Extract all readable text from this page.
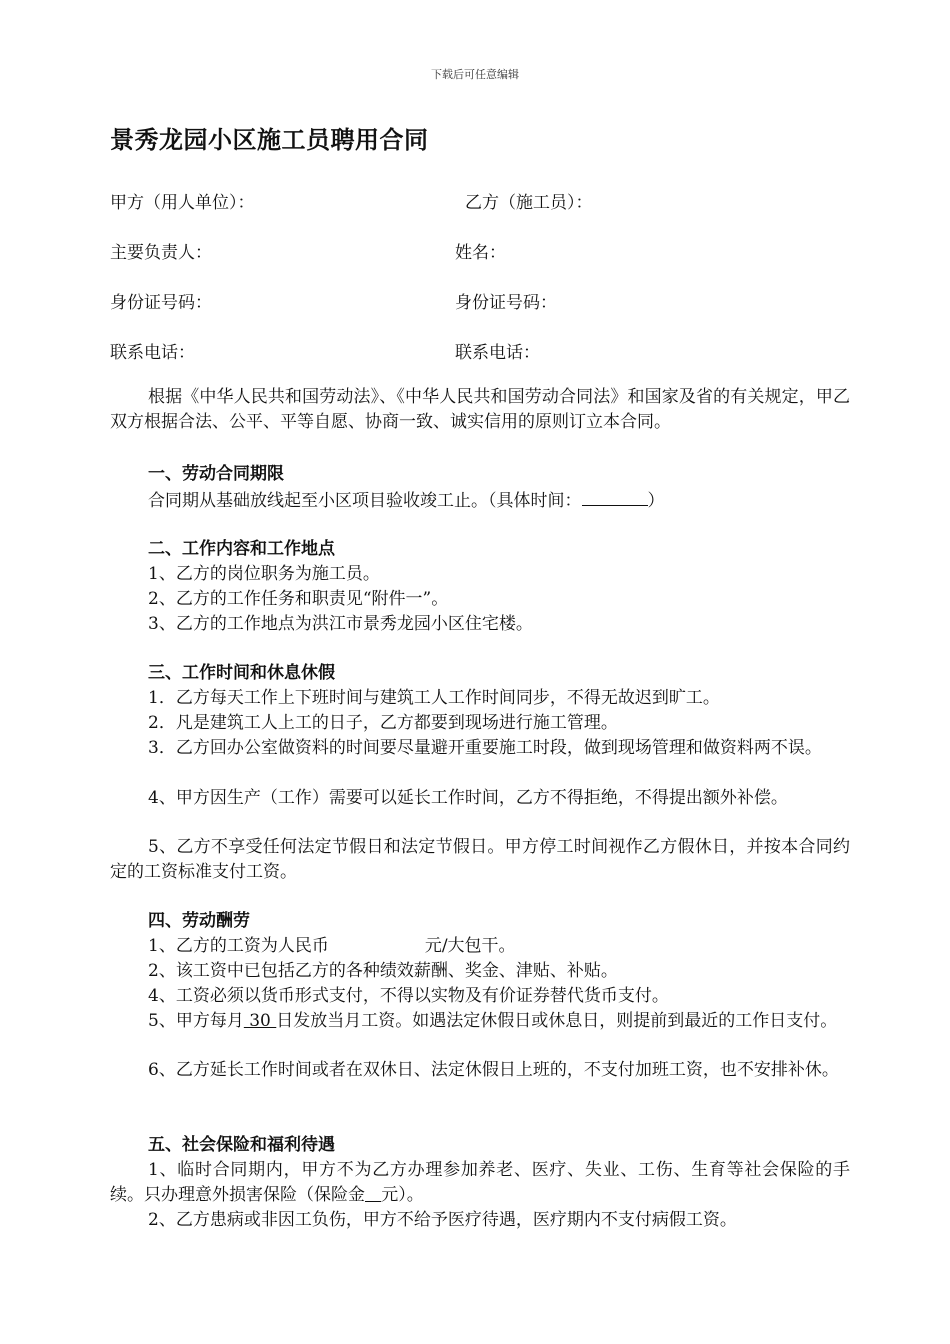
下载后可任意编辑
景秀龙园小区施工员聘用合同
甲方（用人单位）：	乙方（施工员）：
主要负责人：	姓名：
身份证号码：	身份证号码：
联系电话：	联系电话：
根据《中华人民共和国劳动法》、《中华人民共和国劳动合同法》和国家及省的有关规定，甲乙双方根据合法、公平、平等自愿、协商一致、诚实信用的原则订立本合同。
一、劳动合同期限
合同期从基础放线起至小区项目验收竣工止。（具体时间：	）
二、工作内容和工作地点
1、乙方的岗位职务为施工员。
2、乙方的工作任务和职责见“附件一”。
3、乙方的工作地点为洪江市景秀龙园小区住宅楼。
三、工作时间和休息休假
1．乙方每天工作上下班时间与建筑工人工作时间同步，不得无故迟到旷工。
2．凡是建筑工人上工的日子，乙方都要到现场进行施工管理。
3．乙方回办公室做资料的时间要尽量避开重要施工时段，做到现场管理和做资料两不误。
4、甲方因生产（工作）需要可以延长工作时间，乙方不得拒绝，不得提出额外补偿。
5、乙方不享受任何法定节假日和法定节假日。甲方停工时间视作乙方假休日，并按本合同约定的工资标准支付工资。
四、劳动酬劳
1、乙方的工资为人民币	元/大包干。
2、该工资中已包括乙方的各种绩效薪酬、奖金、津贴、补贴。
4、工资必须以货币形式支付，不得以实物及有价证券替代货币支付。
5、甲方每月 30 日发放当月工资。如遇法定休假日或休息日，则提前到最近的工作日支付。
6、乙方延长工作时间或者在双休日、法定休假日上班的，不支付加班工资，也不安排补休。
五、社会保险和福利待遇
1、临时合同期内，甲方不为乙方办理参加养老、医疗、失业、工伤、生育等社会保险的手续。只办理意外损害保险（保险金 元）。
2、乙方患病或非因工负伤，甲方不给予医疗待遇，医疗期内不支付病假工资。
